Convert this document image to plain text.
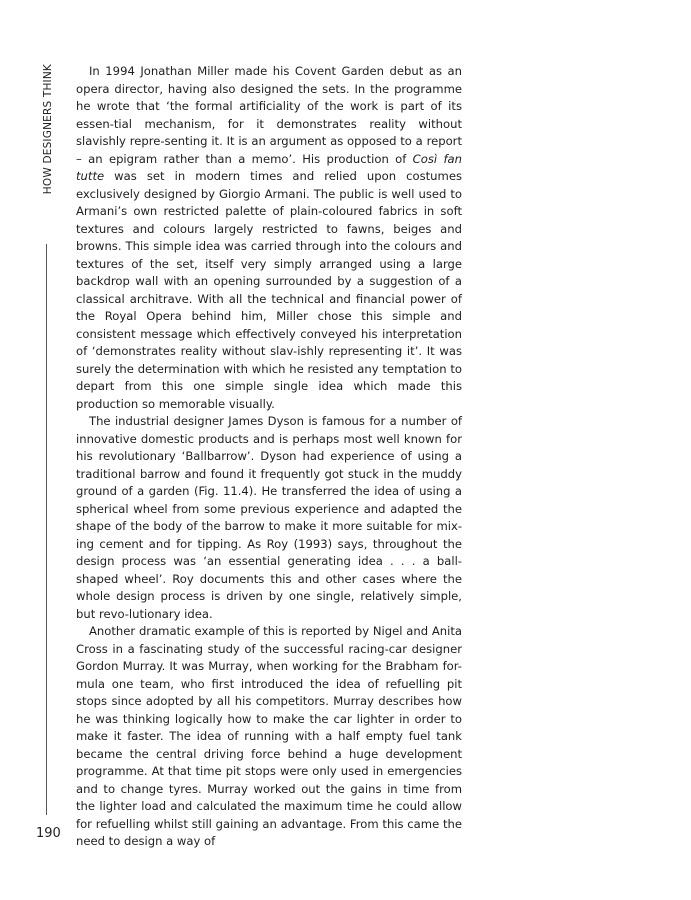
HOW DESIGNERS THINK
190

In 1994 Jonathan Miller made his Covent Garden debut as an opera director, having also designed the sets. In the programme he wrote that ‘the formal artificiality of the work is part of its essen-tial mechanism, for it demonstrates reality without slavishly repre-senting it. It is an argument as opposed to a report – an epigram rather than a memo’. His production of Così fan tutte was set in modern times and relied upon costumes exclusively designed by Giorgio Armani. The public is well used to Armani’s own restricted palette of plain-coloured fabrics in soft textures and colours largely restricted to fawns, beiges and browns. This simple idea was carried through into the colours and textures of the set, itself very simply arranged using a large backdrop wall with an opening surrounded by a suggestion of a classical architrave. With all the technical and financial power of the Royal Opera behind him, Miller chose this simple and consistent message which effectively conveyed his interpretation of ‘demonstrates reality without slav-ishly representing it’. It was surely the determination with which he resisted any temptation to depart from this one simple single idea which made this production so memorable visually.

The industrial designer James Dyson is famous for a number of innovative domestic products and is perhaps most well known for his revolutionary ‘Ballbarrow’. Dyson had experience of using a traditional barrow and found it frequently got stuck in the muddy ground of a garden (Fig. 11.4). He transferred the idea of using a spherical wheel from some previous experience and adapted the shape of the body of the barrow to make it more suitable for mix-ing cement and for tipping. As Roy (1993) says, throughout the design process was ‘an essential generating idea . . . a ball-shaped wheel’. Roy documents this and other cases where the whole design process is driven by one single, relatively simple, but revo-lutionary idea.

Another dramatic example of this is reported by Nigel and Anita Cross in a fascinating study of the successful racing-car designer Gordon Murray. It was Murray, when working for the Brabham for-mula one team, who first introduced the idea of refuelling pit stops since adopted by all his competitors. Murray describes how he was thinking logically how to make the car lighter in order to make it faster. The idea of running with a half empty fuel tank became the central driving force behind a huge development programme. At that time pit stops were only used in emergencies and to change tyres. Murray worked out the gains in time from the lighter load and calculated the maximum time he could allow for refuelling whilst still gaining an advantage. From this came the need to design a way of
